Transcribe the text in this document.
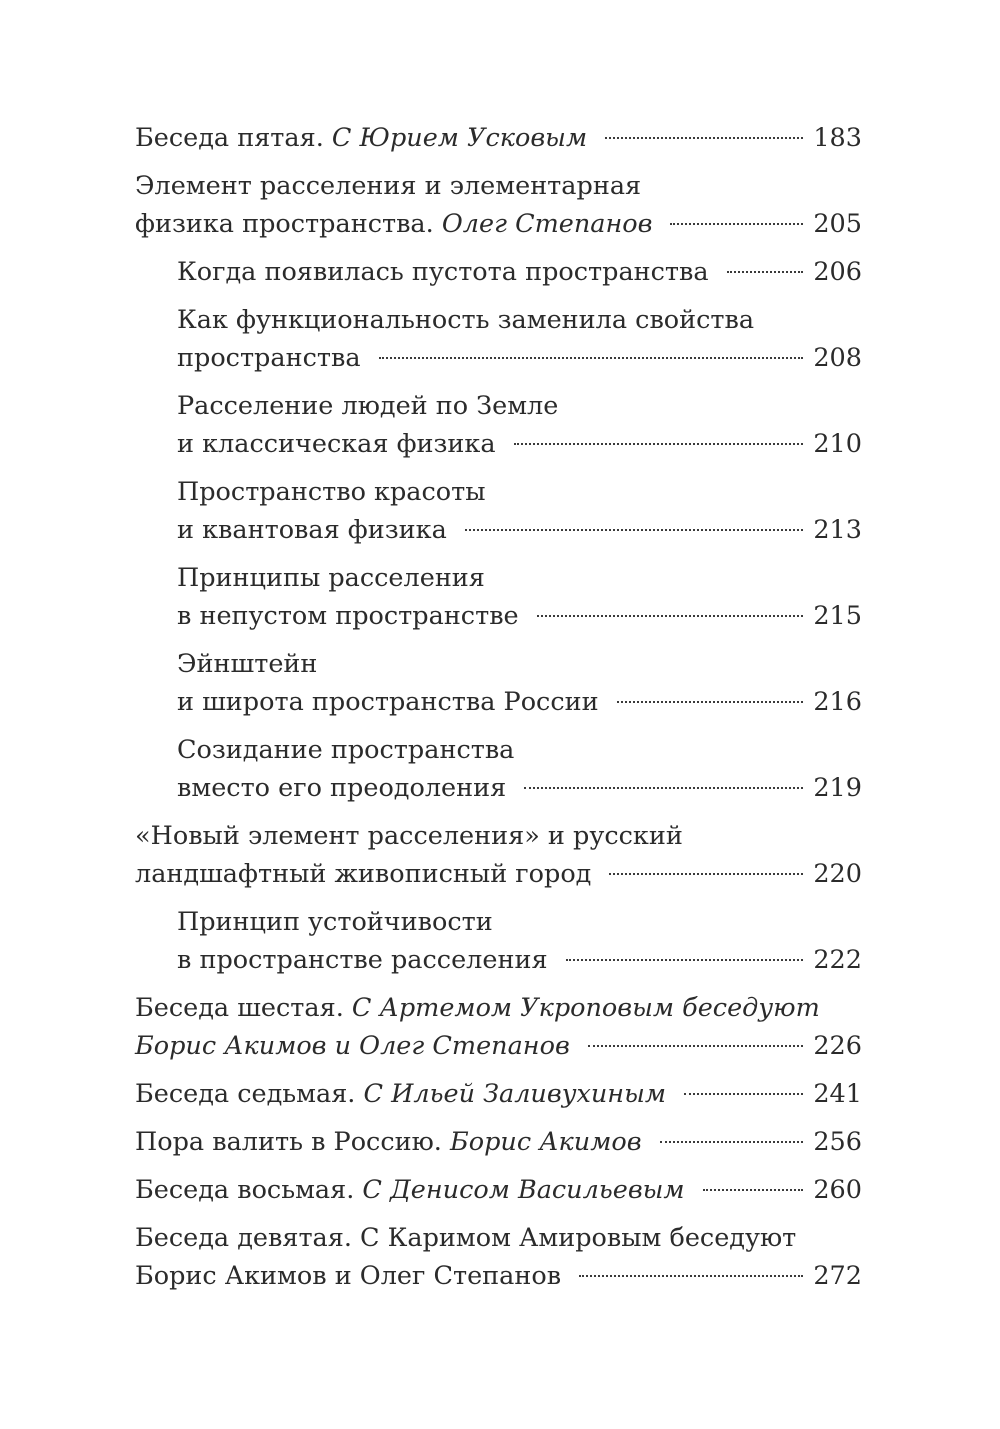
Беседа пятая. С Юрием Усковым	183
Элемент расселения и элементарная
физика пространства. Олег Степанов	205
Когда появилась пустота пространства	206
Как функциональность заменила свойства
пространства	208
Расселение людей по Земле
и классическая физика	210
Пространство красоты
и квантовая физика	213
Принципы расселения
в непустом пространстве	215
Эйнштейн
и широта пространства России	216
Созидание пространства
вместо его преодоления	219
«Новый элемент расселения» и русский
ландшафтный живописный город	220
Принцип устойчивости
в пространстве расселения	222
Беседа шестая. С Артемом Укроповым беседуют
Борис Акимов и Олег Степанов	226
Беседа седьмая. С Ильей Заливухиным	241
Пора валить в Россию. Борис Акимов	256
Беседа восьмая. С Денисом Васильевым	260
Беседа девятая. С Каримом Амировым беседуют
Борис Акимов и Олег Степанов	272
